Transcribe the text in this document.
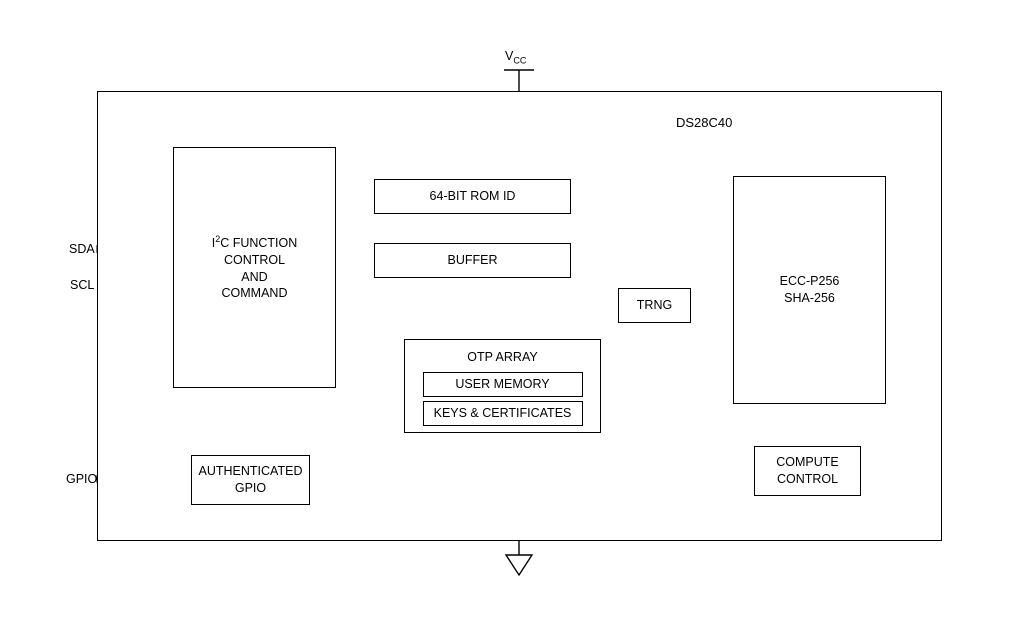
DS28C40
$V_{CC}$
SDA
SCL
GPIO
$I^2C$ FUNCTION
CONTROL
AND
COMMAND
64-BIT ROM ID
BUFFER
TRNG
OTP ARRAY
USER MEMORY
KEYS & CERTIFICATES
ECC-P256
SHA-256
COMPUTE
CONTROL
AUTHENTICATED
GPIO
